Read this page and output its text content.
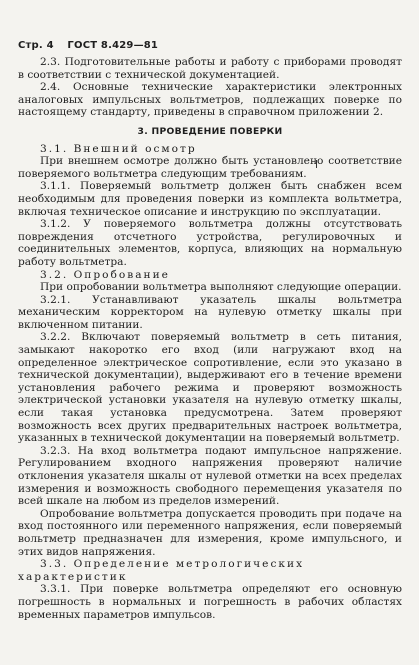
Стр. 4 ГОСТ 8.429—81

2.3. Подготовительные работы и работу с приборами проводят в соответствии с технической документацией.

2.4. Основные технические характеристики электронных аналоговых импульсных вольтметров, подлежащих поверке по настоящему стандарту, приведены в справочном приложении 2.

3. ПРОВЕДЕНИЕ ПОВЕРКИ

3.1. Внешний осмотр

При внешнем осмотре должно быть установлено соответствие поверяемого вольтметра следующим требованиям.

3.1.1. Поверяемый вольтметр должен быть снабжен всем необходимым для проведения поверки из комплекта вольтметра, включая техническое описание и инструкцию по эксплуатации.

3.1.2. У поверяемого вольтметра должны отсутствовать повреждения отсчетного устройства, регулировочных и соединительных элементов, корпуса, влияющих на нормальную работу вольтметра.

3.2. Опробование

При опробовании вольтметра выполняют следующие операции.

3.2.1. Устанавливают указатель шкалы вольтметра механическим корректором на нулевую отметку шкалы при включенном питании.

3.2.2. Включают поверяемый вольтметр в сеть питания, замыкают накоротко его вход (или нагружают вход на определенное электрическое сопротивление, если это указано в технической документации), выдерживают его в течение времени установления рабочего режима и проверяют возможность электрической установки указателя на нулевую отметку шкалы, если такая установка предусмотрена. Затем проверяют возможность всех других предварительных настроек вольтметра, указанных в технической документации на поверяемый вольтметр.

3.2.3. На вход вольтметра подают импульсное напряжение. Регулированием входного напряжения проверяют наличие отклонения указателя шкалы от нулевой отметки на всех пределах измерения и возможность свободного перемещения указателя по всей шкале на любом из пределов измерений.

Опробование вольтметра допускается проводить при подаче на вход постоянного или переменного напряжения, если поверяемый вольтметр предназначен для измерения, кроме импульсного, и этих видов напряжения.

3.3. Определение метрологических характеристик

3.3.1. При поверке вольтметра определяют его основную погрешность в нормальных и погрешность в рабочих областях временных параметров импульсов.
